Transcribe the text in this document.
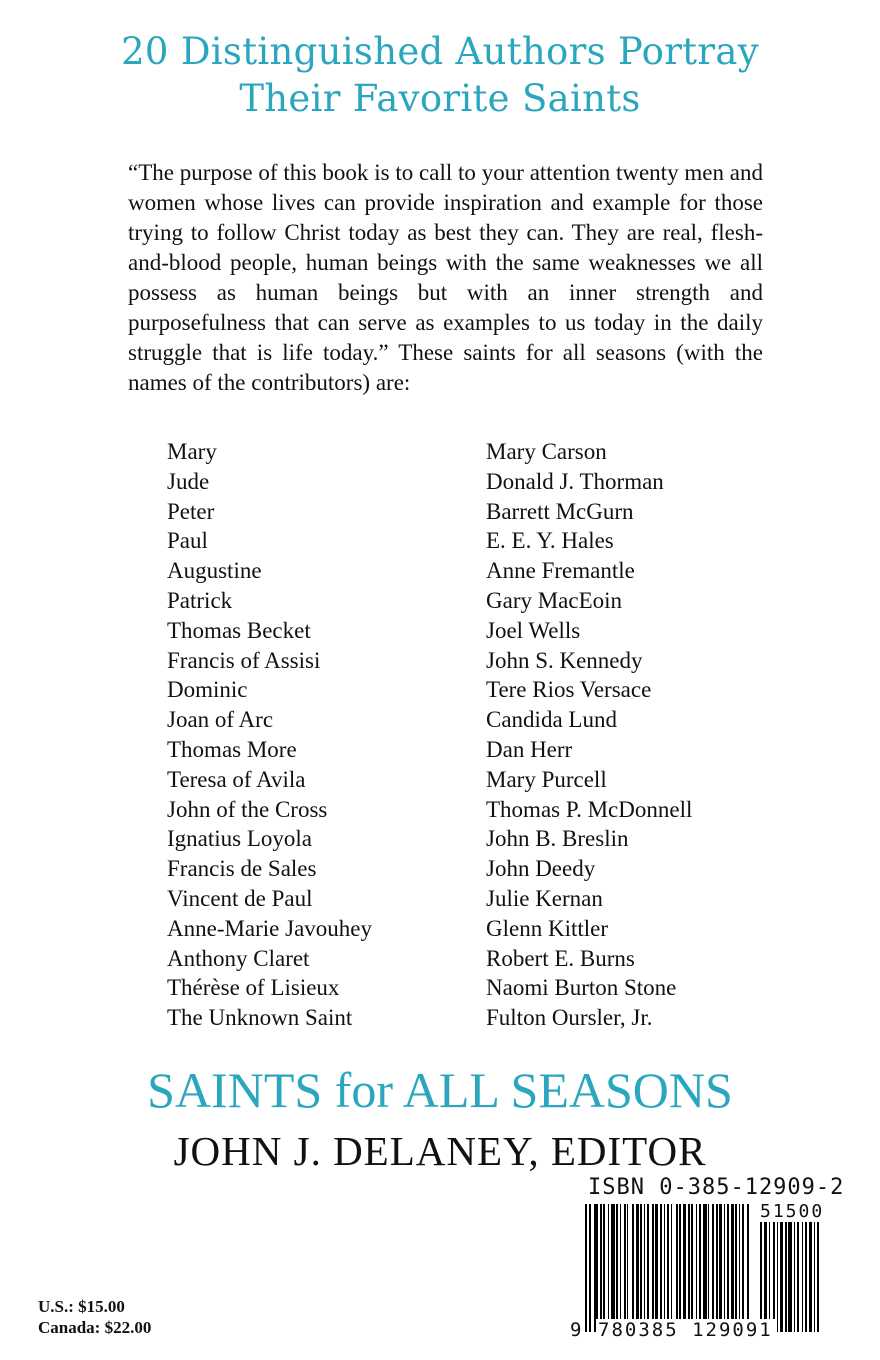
20 Distinguished Authors Portray
Their Favorite Saints
“The purpose of this book is to call to your attention twenty men and women whose lives can provide inspiration and example for those trying to follow Christ today as best they can. They are real, flesh-and-blood people, human beings with the same weaknesses we all possess as human beings but with an inner strength and purposefulness that can serve as examples to us today in the daily struggle that is life today.” These saints for all seasons (with the names of the contributors) are:
Mary
Jude
Peter
Paul
Augustine
Patrick
Thomas Becket
Francis of Assisi
Dominic
Joan of Arc
Thomas More
Teresa of Avila
John of the Cross
Ignatius Loyola
Francis de Sales
Vincent de Paul
Anne-Marie Javouhey
Anthony Claret
Thérèse of Lisieux
The Unknown Saint
Mary Carson
Donald J. Thorman
Barrett McGurn
E. E. Y. Hales
Anne Fremantle
Gary MacEoin
Joel Wells
John S. Kennedy
Tere Rios Versace
Candida Lund
Dan Herr
Mary Purcell
Thomas P. McDonnell
John B. Breslin
John Deedy
Julie Kernan
Glenn Kittler
Robert E. Burns
Naomi Burton Stone
Fulton Oursler, Jr.
SAINTS for ALL SEASONS
JOHN J. DELANEY, EDITOR
ISBN 0-385-12909-2
51500
9 780385 129091
U.S.: $15.00
Canada: $22.00
